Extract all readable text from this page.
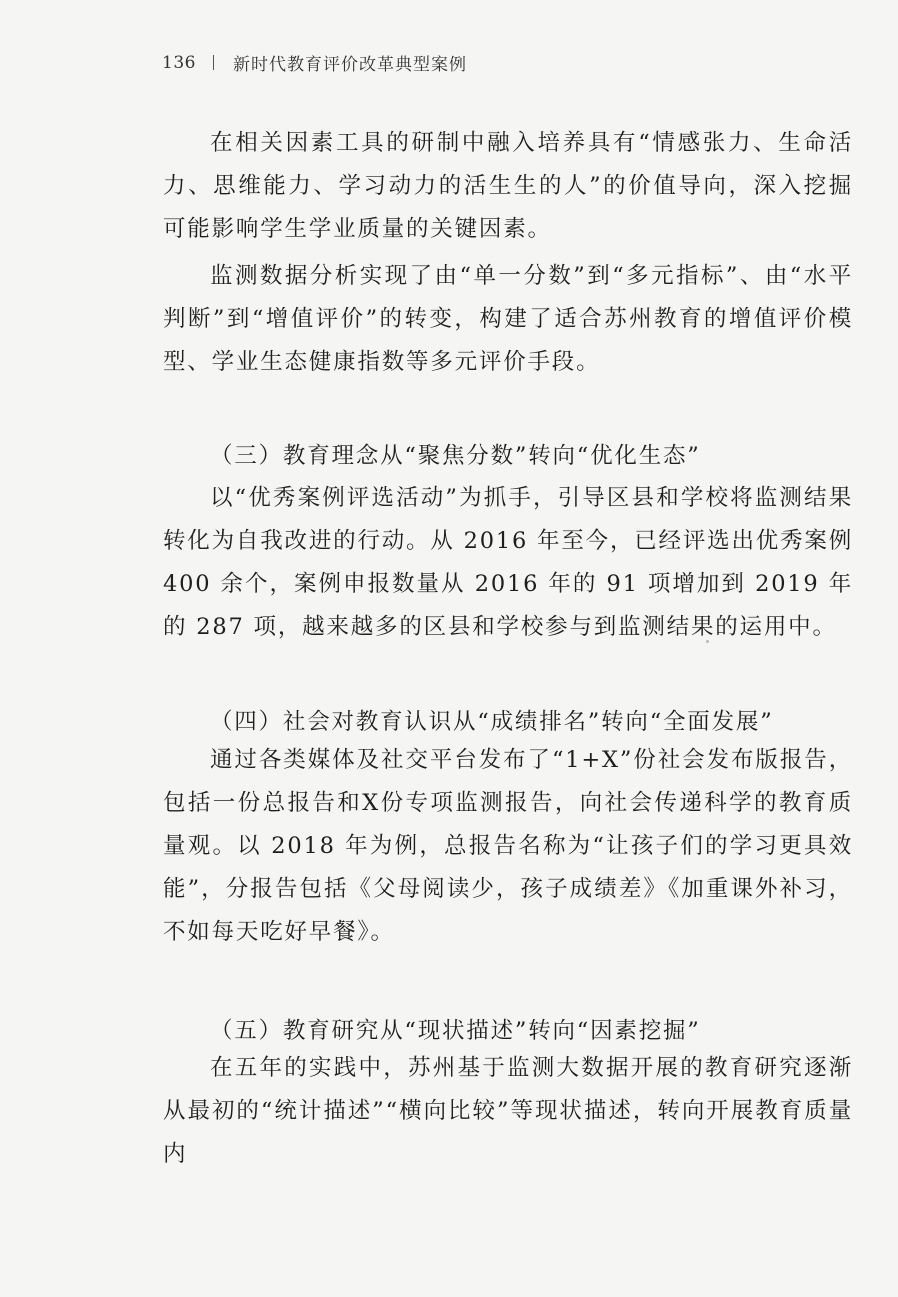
136 新时代教育评价改革典型案例

在相关因素工具的研制中融入培养具有“情感张力、生命活力、思维能力、学习动力的活生生的人”的价值导向，深入挖掘可能影响学生学业质量的关键因素。

监测数据分析实现了由“单一分数”到“多元指标”、由“水平判断”到“增值评价”的转变，构建了适合苏州教育的增值评价模型、学业生态健康指数等多元评价手段。

（三）教育理念从“聚焦分数”转向“优化生态”

以“优秀案例评选活动”为抓手，引导区县和学校将监测结果转化为自我改进的行动。从 2016 年至今，已经评选出优秀案例 400 余个，案例申报数量从 2016 年的 91 项增加到 2019 年的 287 项，越来越多的区县和学校参与到监测结果的运用中。

（四）社会对教育认识从“成绩排名”转向“全面发展”

通过各类媒体及社交平台发布了“1+X”份社会发布版报告，包括一份总报告和X份专项监测报告，向社会传递科学的教育质量观。以 2018 年为例，总报告名称为“让孩子们的学习更具效能”，分报告包括《父母阅读少，孩子成绩差》《加重课外补习，不如每天吃好早餐》。

（五）教育研究从“现状描述”转向“因素挖掘”

在五年的实践中，苏州基于监测大数据开展的教育研究逐渐从最初的“统计描述”“横向比较”等现状描述，转向开展教育质量内
